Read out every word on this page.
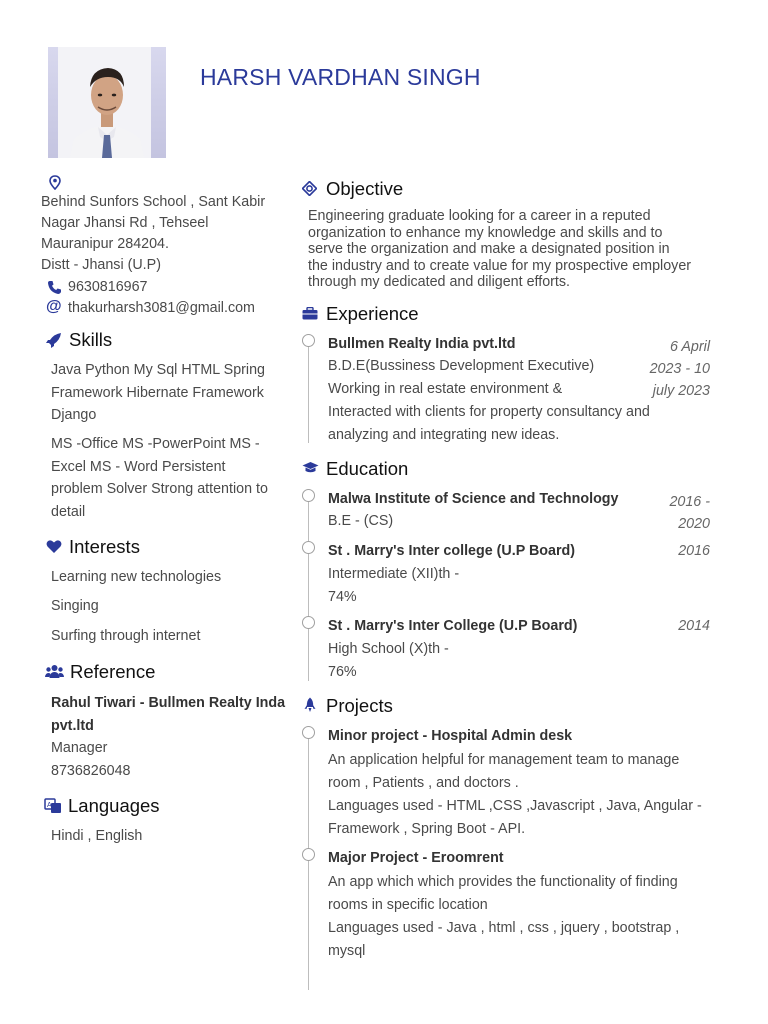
HARSH VARDHAN SINGH
Behind Sunfors School , Sant Kabir
Nagar Jhansi Rd , Tehseel
Mauranipur 284204.
Distt - Jhansi (U.P)
9630816967
@ thakurharsh3081@gmail.com
Skills
Java Python My Sql HTML Spring
Framework Hibernate Framework
Django
MS -Office MS -PowerPoint MS -
Excel MS - Word Persistent
problem Solver Strong attention to
detail
Interests
Learning new technologies
Singing
Surfing through internet
Reference
Rahul Tiwari - Bullmen Realty Inda
pvt.ltd
Manager
8736826048
A Languages
Hindi , English
Objective
Engineering graduate looking for a career in a reputed
organization to enhance my knowledge and skills and to
serve the organization and make a designated position in
the industry and to create value for my prospective employer
through my dedicated and diligent efforts.
Experience
Bullmen Realty India pvt.ltd
B.D.E(Bussiness Development Executive)
Working in real estate environment &
Interacted with clients for property consultancy and
analyzing and integrating new ideas.
6 April
2023 - 10
july 2023
Education
Malwa Institute of Science and Technology
B.E - (CS)
2016 -
2020
St . Marry's Inter college (U.P Board)
Intermediate (XII)th -
74%
2016
St . Marry's Inter College (U.P Board)
High School (X)th -
76%
2014
Projects
Minor project - Hospital Admin desk
An application helpful for management team to manage
room , Patients , and doctors .
Languages used - HTML ,CSS ,Javascript , Java, Angular -
Framework , Spring Boot - API.
Major Project - Eroomrent
An app which which provides the functionality of finding
rooms in specific location
Languages used - Java , html , css , jquery , bootstrap ,
mysql
